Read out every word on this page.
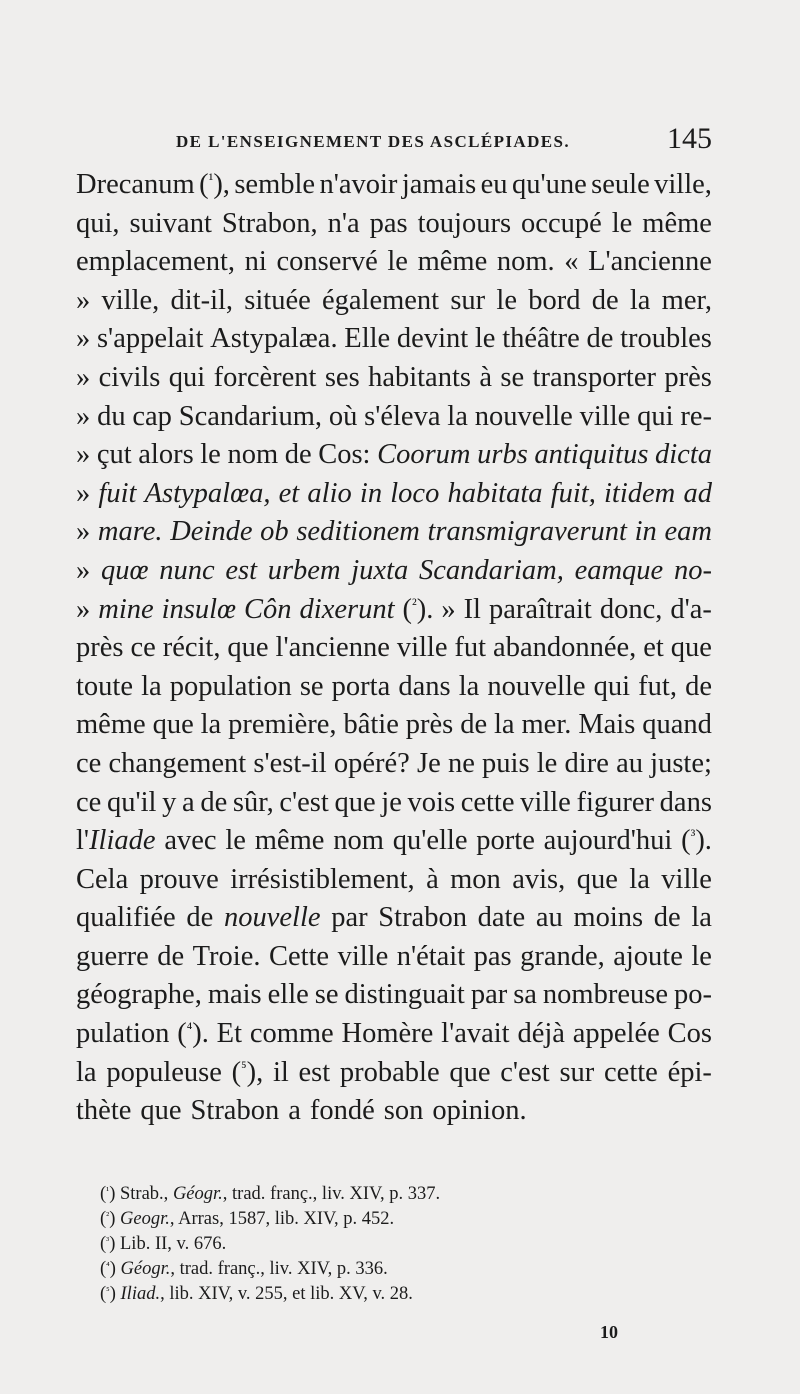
DE L'ENSEIGNEMENT DES ASCLÉPIADES.	145
Drecanum ($^{^1}$), semble n'avoir jamais eu qu'une seule ville,
qui, suivant Strabon, n'a pas toujours occupé le même
emplacement, ni conservé le même nom. « L'ancienne
» ville, dit-il, située également sur le bord de la mer,
» s'appelait Astypalæa. Elle devint le théâtre de troubles
» civils qui forcèrent ses habitants à se transporter près
» du cap Scandarium, où s'éleva la nouvelle ville qui re-
» çut alors le nom de Cos: Coorum urbs antiquitus dicta
» fuit Astypalœa, et alio in loco habitata fuit, itidem ad
» mare. Deinde ob seditionem transmigraverunt in eam
» quœ nunc est urbem juxta Scandariam, eamque no-
» mine insulœ Côn dixerunt ($^{^2}$). » Il paraîtrait donc, d'a-
près ce récit, que l'ancienne ville fut abandonnée, et que
toute la population se porta dans la nouvelle qui fut, de
même que la première, bâtie près de la mer. Mais quand
ce changement s'est-il opéré? Je ne puis le dire au juste;
ce qu'il y a de sûr, c'est que je vois cette ville figurer dans
l'Iliade avec le même nom qu'elle porte aujourd'hui ($^{^3}$).
Cela prouve irrésistiblement, à mon avis, que la ville
qualifiée de nouvelle par Strabon date au moins de la
guerre de Troie. Cette ville n'était pas grande, ajoute le
géographe, mais elle se distinguait par sa nombreuse po-
pulation ($^{^4}$). Et comme Homère l'avait déjà appelée Cos
la populeuse ($^{^5}$), il est probable que c'est sur cette épi-
thète que Strabon a fondé son opinion.
($^{^1}$) Strab., Géogr., trad. franç., liv. XIV, p. 337.
($^{^2}$) Geogr., Arras, 1587, lib. XIV, p. 452.
($^{^3}$) Lib. II, v. 676.
($^{^4}$) Géogr., trad. franç., liv. XIV, p. 336.
($^{^5}$) Iliad., lib. XIV, v. 255, et lib. XV, v. 28.
10
